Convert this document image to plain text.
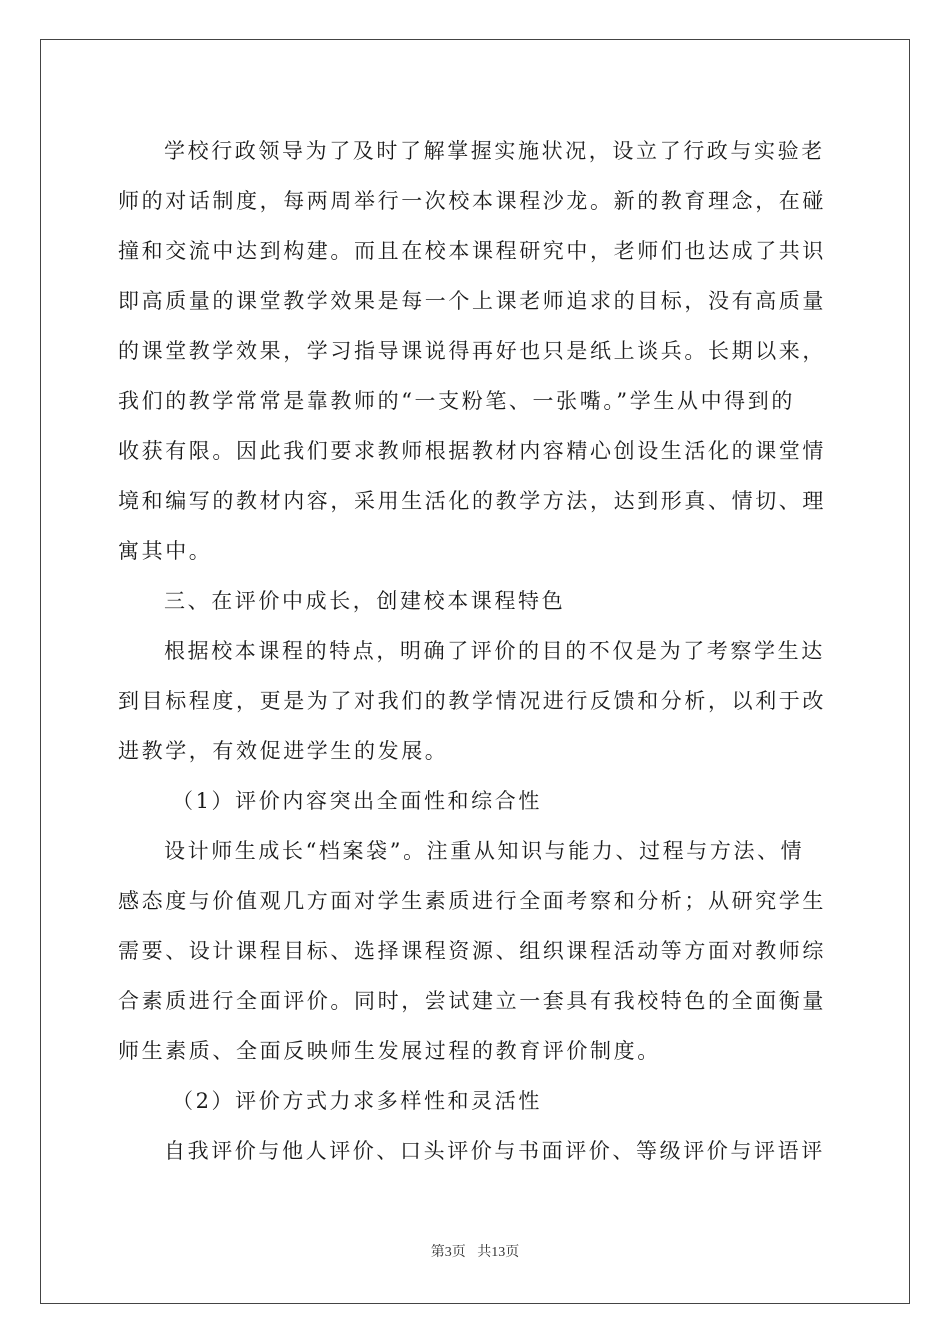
学校行政领导为了及时了解掌握实施状况，设立了行政与实验老

师的对话制度，每两周举行一次校本课程沙龙。新的教育理念，在碰

撞和交流中达到构建。而且在校本课程研究中，老师们也达成了共识

即高质量的课堂教学效果是每一个上课老师追求的目标，没有高质量

的课堂教学效果，学习指导课说得再好也只是纸上谈兵。长期以来，

我们的教学常常是靠教师的“一支粉笔、一张嘴。”学生从中得到的

收获有限。因此我们要求教师根据教材内容精心创设生活化的课堂情

境和编写的教材内容，采用生活化的教学方法，达到形真、情切、理

寓其中。

三、在评价中成长，创建校本课程特色

根据校本课程的特点，明确了评价的目的不仅是为了考察学生达

到目标程度，更是为了对我们的教学情况进行反馈和分析，以利于改

进教学，有效促进学生的发展。

（1）评价内容突出全面性和综合性

设计师生成长“档案袋”。注重从知识与能力、过程与方法、情

感态度与价值观几方面对学生素质进行全面考察和分析；从研究学生

需要、设计课程目标、选择课程资源、组织课程活动等方面对教师综

合素质进行全面评价。同时，尝试建立一套具有我校特色的全面衡量

师生素质、全面反映师生发展过程的教育评价制度。

（2）评价方式力求多样性和灵活性

自我评价与他人评价、口头评价与书面评价、等级评价与评语评

第3页 共13页
